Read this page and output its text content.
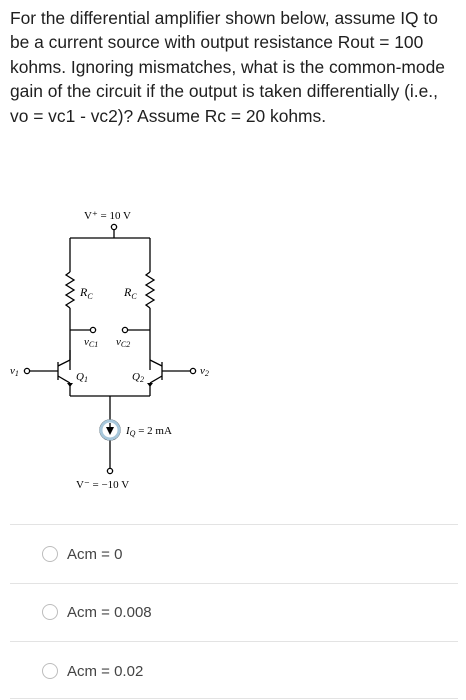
For the differential amplifier shown below, assume IQ to be a current source with output resistance Rout = 100 kohms. Ignoring mismatches, what is the common-mode gain of the circuit if the output is taken differentially (i.e., vo = vc1 - vc2)? Assume Rc = 20 kohms.

V⁺ = 10 V
$R_C$	$R_C$
vC1 vC2
v1	v2
Q1	Q2
IQ = 2 mA
V⁻ = −10 V
Acm = 0
Acm = 0.008
Acm = 0.02
